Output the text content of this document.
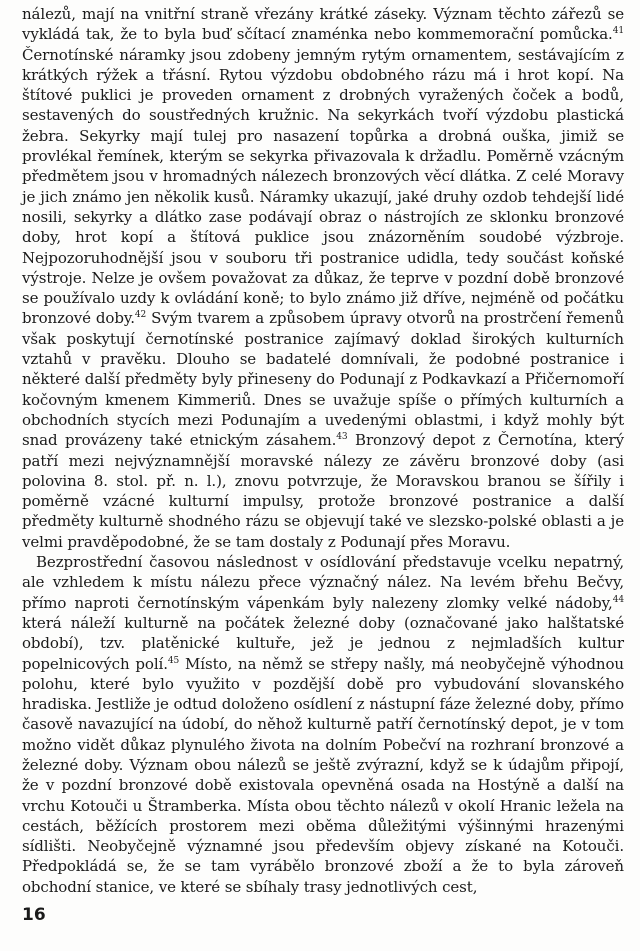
nálezů, mají na vnitřní straně vřezány krátké záseky. Význam těchto zářezů se vykládá tak, že to byla buď sčítací znaménka nebo kommemorační pomůcka.$^{41}$ Černotínské náramky jsou zdobeny jemným rytým ornamentem, sestávajícím z krátkých rýžek a třásní. Rytou výzdobu obdobného rázu má i hrot kopí. Na štítové puklici je proveden ornament z drobných vyražených čoček a bodů, sestavených do soustředných kružnic. Na sekyrkách tvoří výzdobu plastická žebra. Sekyrky mají tulej pro nasazení topůrka a drobná ouška, jimiž se provlékal řemínek, kterým se sekyrka přivazovala k držadlu. Poměrně vzácným předmětem jsou v hromadných nálezech bronzových věcí dlátka. Z celé Moravy je jich známo jen několik kusů. Náramky ukazují, jaké druhy ozdob tehdejší lidé nosili, sekyrky a dlátko zase podávají obraz o nástrojích ze sklonku bronzové doby, hrot kopí a štítová puklice jsou znázorněním soudobé výzbroje. Nejpozoruhodnější jsou v souboru tři postranice udidla, tedy součást koňské výstroje. Nelze je ovšem považovat za důkaz, že teprve v pozdní době bronzové se používalo uzdy k ovládání koně; to bylo známo již dříve, nejméně od počátku bronzové doby.$^{42}$ Svým tvarem a způsobem úpravy otvorů na prostrčení řemenů však poskytují černotínské postranice zajímavý doklad širokých kulturních vztahů v pravěku. Dlouho se badatelé domnívali, že podobné postranice i některé další předměty byly přineseny do Podunají z Podkavkazí a Přičernomoří kočovným kmenem Kimmeriů. Dnes se uvažuje spíše o přímých kulturních a obchodních stycích mezi Podunajím a uvedenými oblastmi, i když mohly být snad provázeny také etnickým zásahem.$^{43}$ Bronzový depot z Černotína, který patří mezi nejvýznamnější moravské nálezy ze závěru bronzové doby (asi polovina 8. stol. př. n. l.), znovu potvrzuje, že Moravskou branou se šířily i poměrně vzácné kulturní impulsy, protože bronzové postranice a další předměty kulturně shodného rázu se objevují také ve slezsko-polské oblasti a je velmi pravděpodobné, že se tam dostaly z Podunají přes Moravu.

Bezprostřední časovou následnost v osídlování představuje vcelku nepatrný, ale vzhledem k místu nálezu přece význačný nález. Na levém břehu Bečvy, přímo naproti černotínským vápenkám byly nalezeny zlomky velké nádoby,$^{44}$ která náleží kulturně na počátek železné doby (označované jako halštatské období), tzv. platěnické kultuře, jež je jednou z nejmladších kultur popelnicových polí.$^{45}$ Místo, na němž se střepy našly, má neobyčejně výhodnou polohu, které bylo využito v pozdější době pro vybudování slovanského hradiska. Jestliže je odtud doloženo osídlení z nástupní fáze železné doby, přímo časově navazující na údobí, do něhož kulturně patří černotínský depot, je v tom možno vidět důkaz plynulého života na dolním Pobečví na rozhraní bronzové a železné doby. Význam obou nálezů se ještě zvýrazní, když se k údajům připojí, že v pozdní bronzové době existovala opevněná osada na Hostýně a další na vrchu Kotouči u Štramberka. Místa obou těchto nálezů v okolí Hranic ležela na cestách, běžících prostorem mezi oběma důležitými výšinnými hrazenými sídlišti. Neobyčejně významné jsou především objevy získané na Kotouči. Předpokládá se, že se tam vyrábělo bronzové zboží a že to byla zároveň obchodní stanice, ve které se sbíhaly trasy jednotlivých cest,

16
